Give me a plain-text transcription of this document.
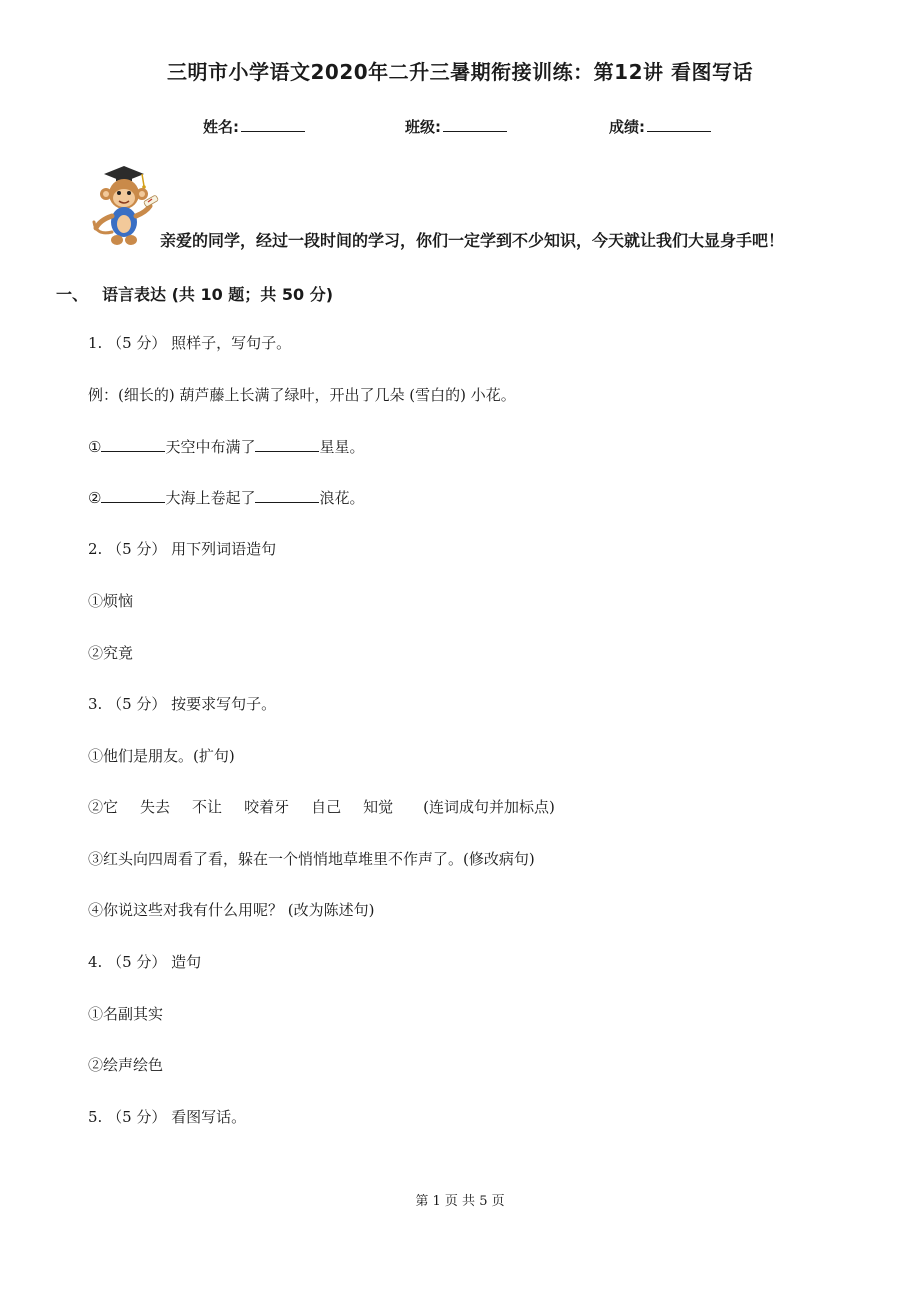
三明市小学语文2020年二升三暑期衔接训练：第12讲 看图写话
姓名:	班级:	成绩:
亲爱的同学，经过一段时间的学习，你们一定学到不少知识，今天就让我们大显身手吧！
一、 语言表达 (共 10 题；共 50 分)
1. （5 分） 照样子，写句子。
例：(细长的) 葫芦藤上长满了绿叶，开出了几朵 (雪白的) 小花。
①	天空中布满了	星星。
②	大海上卷起了	浪花。
2. （5 分） 用下列词语造句
①烦恼
②究竟
3. （5 分） 按要求写句子。
①他们是朋友。(扩句)
②它 失去 不让 咬着牙 自己 知觉 (连词成句并加标点)
③红头向四周看了看，躲在一个悄悄地草堆里不作声了。(修改病句)
④你说这些对我有什么用呢？ (改为陈述句)
4. （5 分） 造句
①名副其实
②绘声绘色
5. （5 分） 看图写话。
第 1 页 共 5 页
